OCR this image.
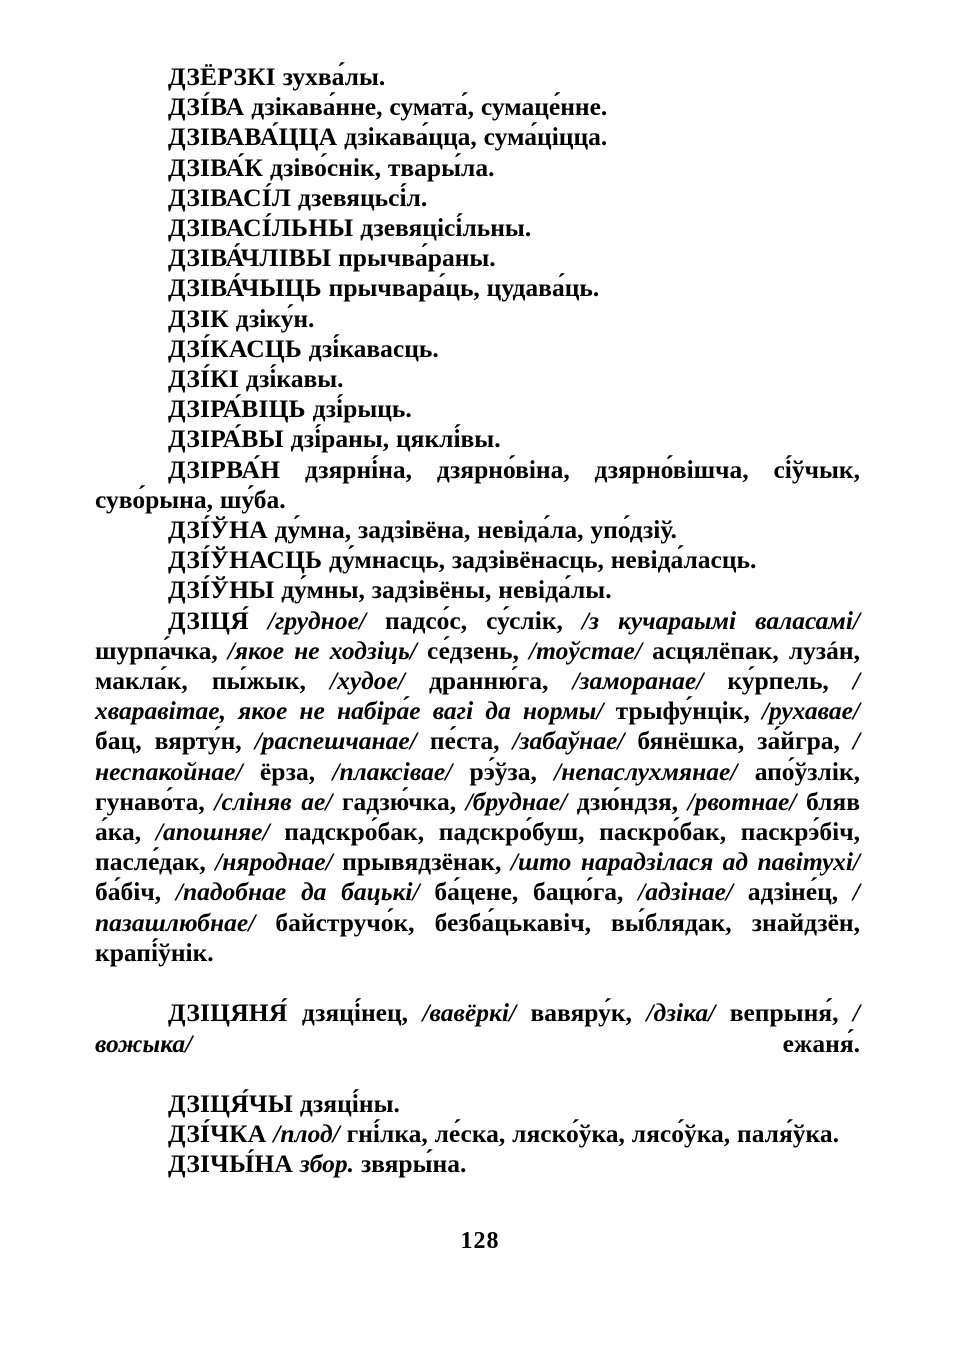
ДЗЁРЗКІ зухва́лы.

ДЗІ́ВА дзікава́нне, сумата́, сумаце́нне.

ДЗІВАВА́ЦЦА дзікава́цца, сума́ціцца.

ДЗІВА́К дзіво́снік, твары́ла.

ДЗІВАСІ́Л дзевяцьсі́л.

ДЗІВАСІ́ЛЬНЫ дзевяцісі́льны.

ДЗІВА́ЧЛІВЫ прычва́раны.

ДЗІВА́ЧЫЦЬ прычвара́ць, цудава́ць.

ДЗІК дзіку́н.

ДЗІ́КАСЦЬ дзі́кавасць.

ДЗІ́КІ дзі́кавы.

ДЗІРА́ВІЦЬ дзі́рыць.

ДЗІРА́ВЫ дзі́раны, цяклі́вы.

ДЗІРВА́Н дзярні́на, дзярно́віна, дзярно́вішча, сі́ўчык, суво́рына, шу́ба.

ДЗІ́ЎНА ду́мна, задзівёна, невіда́ла, упо́дзіў.

ДЗІ́ЎНАСЦЬ ду́мнасць, задзівёнасць, невіда́ласць.

ДЗІ́ЎНЫ ду́мны, задзівёны, невіда́лы.

ДЗІЦЯ́ /грудное/ падсо́с, су́слік, /з кучараымі валасамі/ шурпа́чка, /якое не ходзіць/ се́дзень, /тоўстае/ асцялёпак, лузáн, макла́к, пы́жык, /худое/ дранню́га, /заморанае/ ку́рпель, /хваравітае, якое не набіра́е вагі да нормы/ трыфу́нцік, /рухавае/ бац, вярту́н, /распешчанае/ пе́ста, /забаўнае/ бянёшка, за́йгра, /неспакойнае/ ёрза, /плаксівае/ рэ́ўза, /непаслухмянае/ апо́ўзлік, гунаво́та, /сліняв ае/ гадзю́чка, /бруднае/ дзю́ндзя, /рвотнае/ бляв а́ка, /апошняе/ падскро́бак, падскро́буш, паскро́бак, паскрэ́біч, пасле́дак, /няроднае/ прывядзёнак, /што нарадзілася ад павітухі/ ба́біч, /падобнае да бацькі/ ба́цене, бацю́га, /адзінае/ адзіне́ц, /пазашлюбнае/ байстручо́к, безба́цькавіч, вы́блядак, знайдзён, крапі́ўнік.

ДЗІЦЯНЯ́ дзяці́нец, /вавёркі/ вавяру́к, /дзіка/ вепрыня́, /вожыка/ ежаня́.

ДЗІЦЯ́ЧЫ дзяці́ны.

ДЗІ́ЧКА /плод/ гні́лка, ле́ска, ляско́ўка, лясо́ўка, паля́ўка.

ДЗІЧЫ́НА збор. звяры́на.

128
